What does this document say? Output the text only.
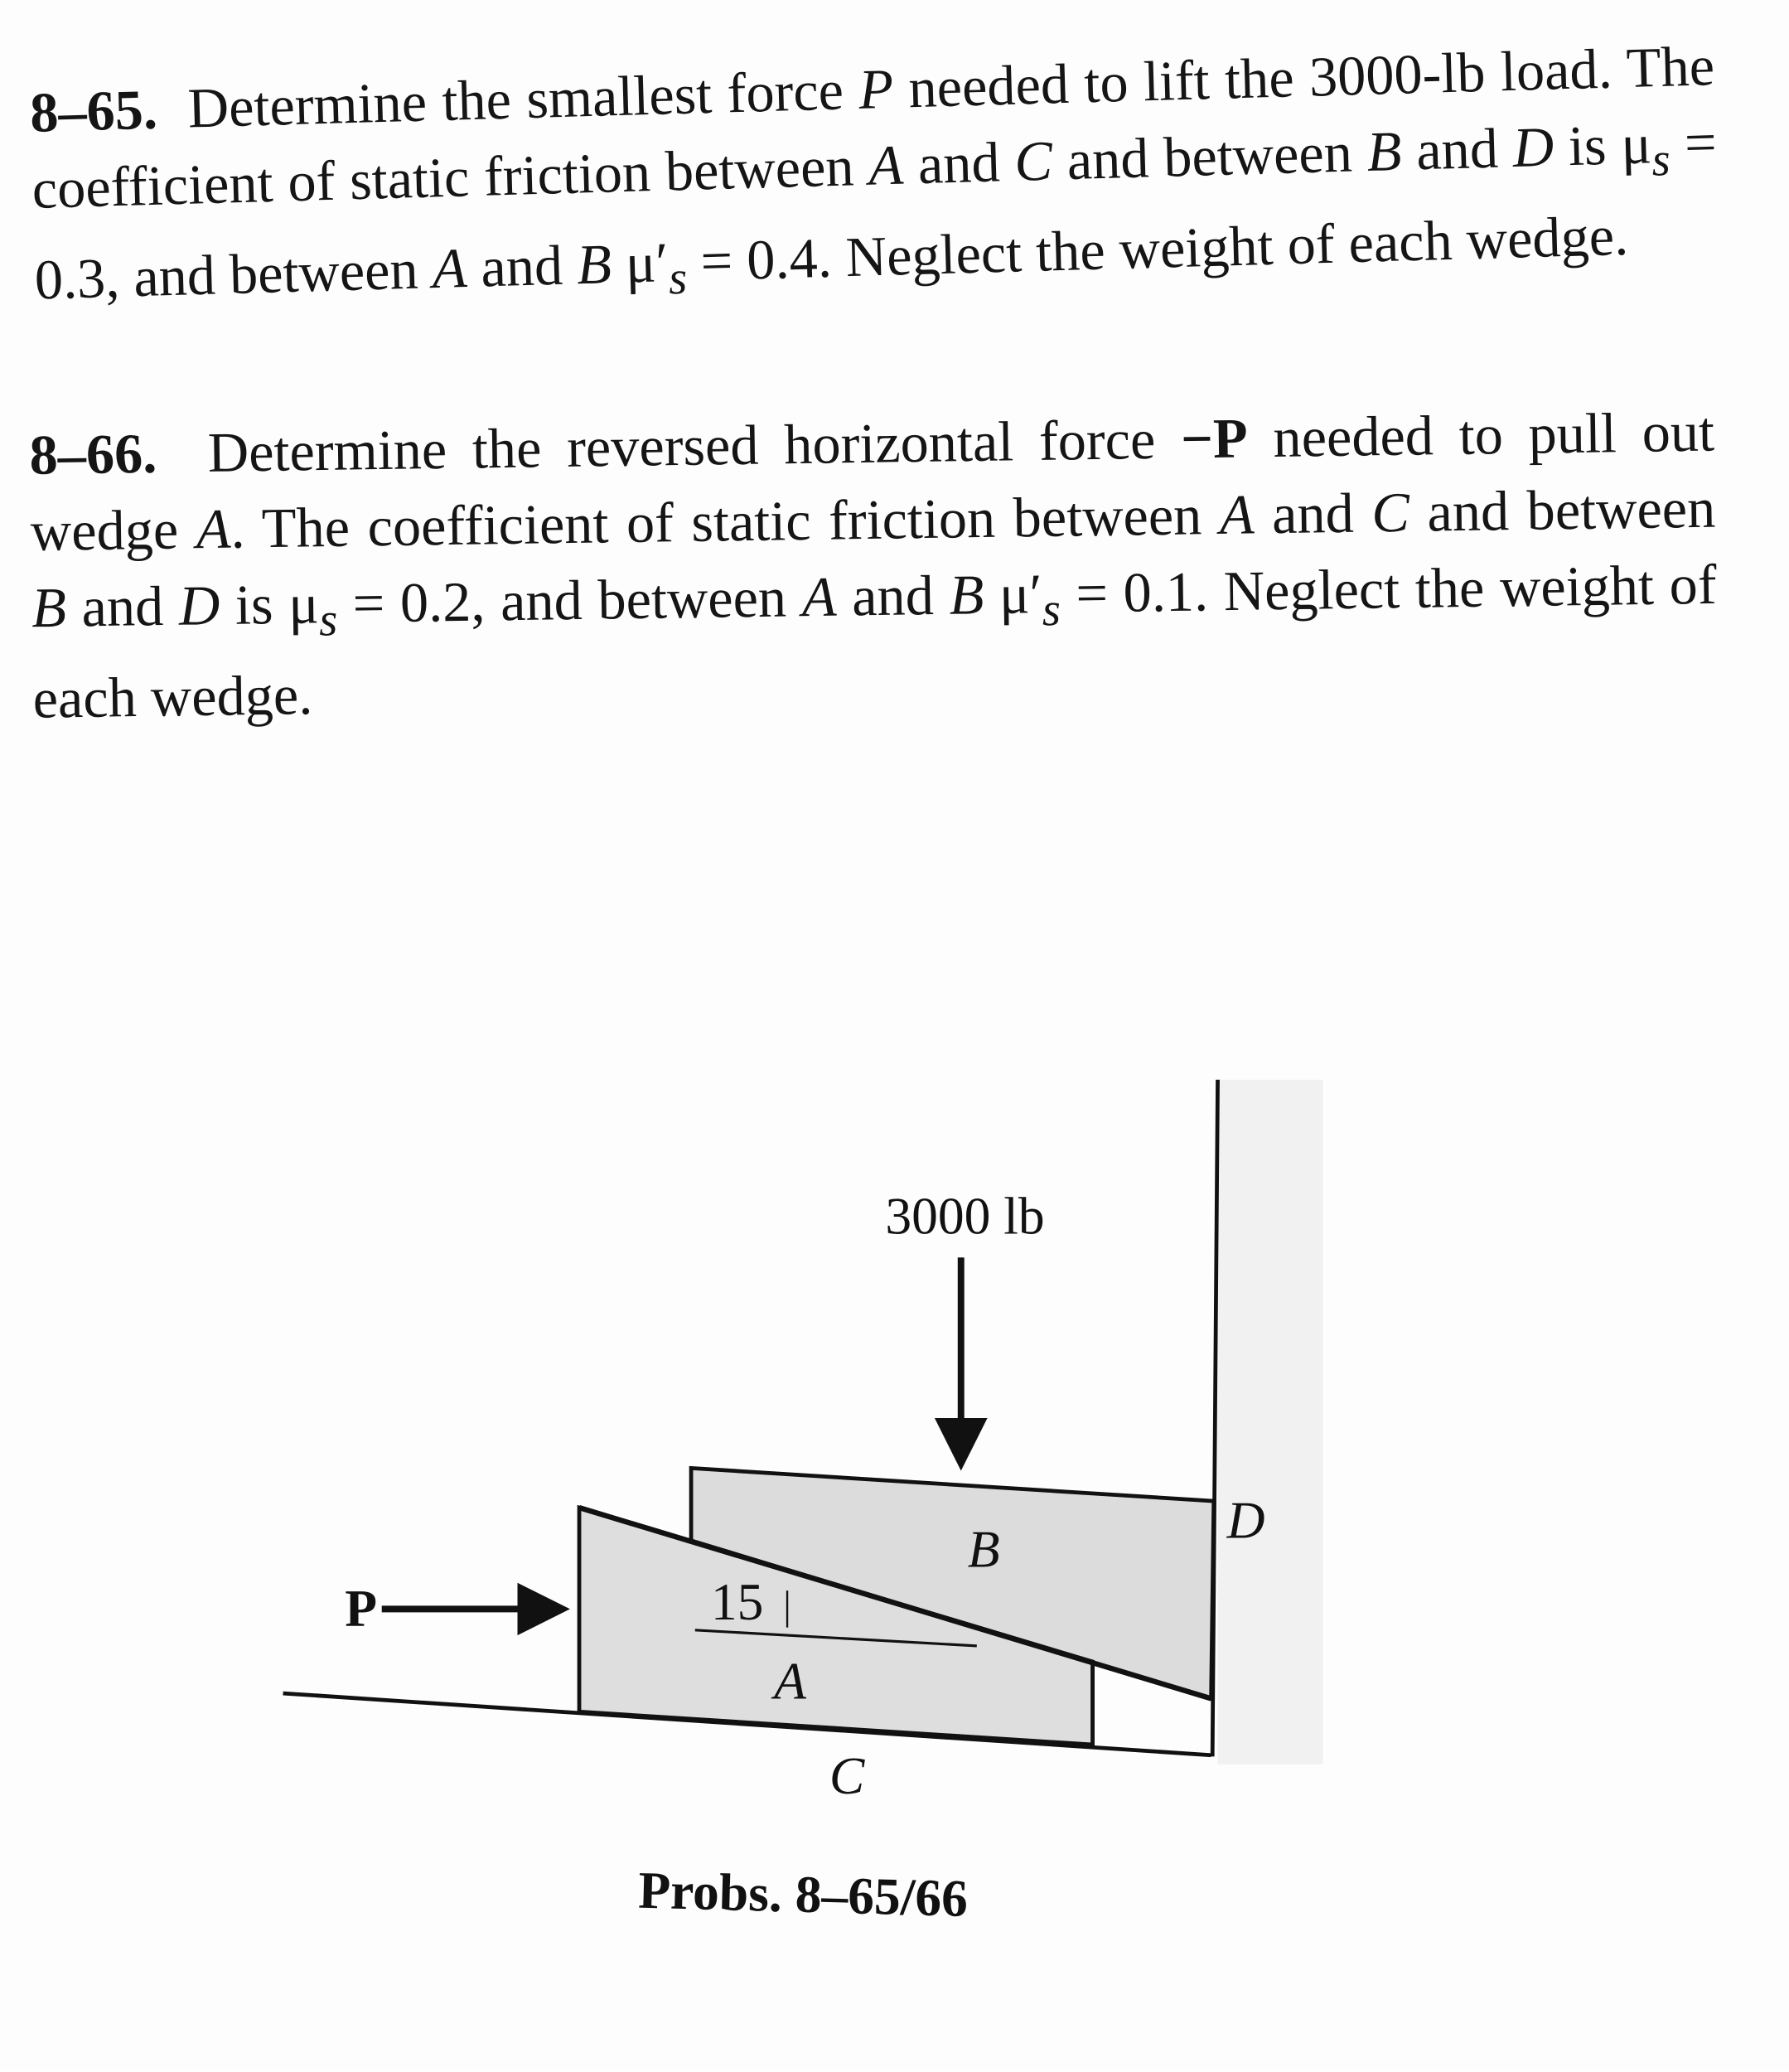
8–65. Determine the smallest force P needed to lift the 3000-lb load. The coefficient of static friction between A and C and between B and D is $\mu_s = 0.3$, and between A and B $\mu'_s = 0.4$. Neglect the weight of each wedge.
8–66. Determine the reversed horizontal force −P needed to pull out wedge A. The coefficient of static friction between A and C and between B and D is $\mu_s = 0.2$, and between A and B $\mu'_s = 0.1$. Neglect the weight of each wedge.
3000 lb
P	15
A
B
C
D
Probs. 8–65/66
